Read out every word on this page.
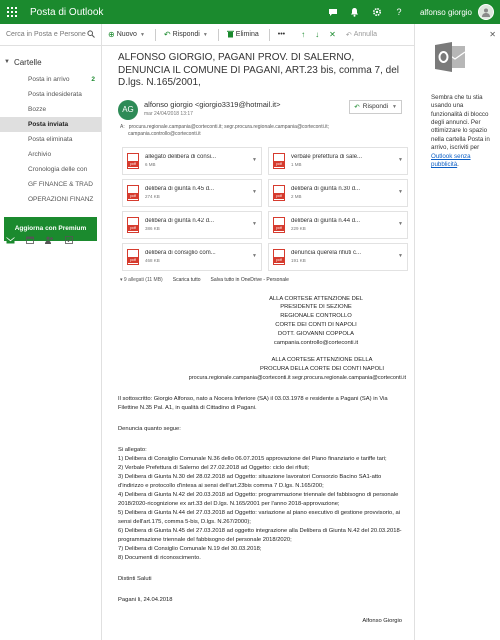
Posta di Outlook	?	alfonso giorgio
Cerca in Posta e Persone
▼ Cartelle
Posta in arrivo	2
Posta indesiderata
Bozze
Posta inviata
Posta eliminata
Archivio
Cronologia delle con
GF FINANCE & TRAD
OPERAZIONI FINANZ
Aggiorna con Premium
⊕ Nuovo ▼ ↶ Rispondi ▼	Elimina	••• ↑ ↓ ✕ ↶ Annulla
ALFONSO GIORGIO, PAGANI PROV. DI SALERNO, DENUNCIA IL COMUNE DI PAGANI, ART.23 bis, comma 7, del D.lgs. N.165/2001,
AG
alfonso giorgio <giorgio3319@hotmail.it>
mar 24/04/2018 13:17
↶ Rispondi ▼
A: procura.regionale.campania@corteconti.it; segr.procura.regionale.campania@corteconti.it;
campania.controllo@corteconti.it
pdf
allegato delibera di consi...
6 MB
▼ pdf	verbale prefettura di sale...
1 MB
▼
pdf
delibera di giunta n.45 d...
274 KB
▼ pdf	delibera di giunta n.30 d...
2 MB
▼
pdf
delibera di giunta n.42 d...
386 KB
▼ pdf	delibera di giunta n.44 d...
229 KB
▼
pdf
delibera di consiglio com...
468 KB
▼ pdf	denuncia querela rifiuti c...
191 KB
▼
▾ 9 allegati (11 MB) Scarica tutto Salva tutto in OneDrive - Personale
ALLA CORTESE ATTENZIONE DEL
PRESIDENTE DI SEZIONE
REGIONALE CONTROLLO
CORTE DEI CONTI DI NAPOLI
DOTT. GIOVANNI COPPOLA
campania.controllo@corteconti.it
ALLA CORTESE ATTENZIONE DELLA
PROCURA DELLA CORTE DEI CONTI NAPOLI
procura.regionale.campania@corteconti.it segr.procura.regionale.campania@corteconti.it
Il sottoscritto: Giorgio Alfonso, nato a Nocera Inferiore (SA) il 03.03.1978 e residente a Pagani (SA) in Via Filettine N.35 Pal. A1, in qualità di Cittadino di Pagani.
Denuncia quanto segue:
Si allegato:
1) Delibera di Consiglio Comunale N.36 dello 06.07.2015 approvazione del Piano finanziario e tariffe tari;
2) Verbale Prefettura di Salerno del 27.02.2018 ad Oggetto: ciclo dei rifiuti;
3) Delibera di Giunta N.30 del 28.02.2018 ad Oggetto: situazione lavoratori Consorzio Bacino SA1-atto d'indirizzo e protocollo d'intesa ai sensi dell'art.23bis comma 7 D.lgs. N.165/200;
4) Delibera di Giunta N.42 del 20.03.2018 ad Oggetto: programmazione triennale del fabbisogno di personale 2018/2020-ricognizione ex art.33 del D.lgs. N.165/2001 per l'anno 2018-approvazione;
5) Delibera di Giunta N.44 del 27.03.2018 ad Oggetto: variazione al piano esecutivo di gestione provvisorio, ai sensi dell'art.175, comma 5-bis, D.lgs. N.267/2000);
6) Delibera di Giunta N.45 del 27.03.2018 ad oggetto integrazione alla Delibera di Giunta N.42 del 20.03.2018-programmazione triennale del fabbisogno del personale 2018/2020;
7) Delibera di Consiglio Comunale N.19 del 30.03.2018;
8) Documenti di riconoscimento.
Distinti Saluti
Pagani li, 24.04.2018
Alfonso Giorgio
✕
Sembra che tu stia usando una funzionalità di blocco degli annunci. Per ottimizzare lo spazio nella cartella Posta in arrivo, iscriviti per Outlook senza pubblicità.
